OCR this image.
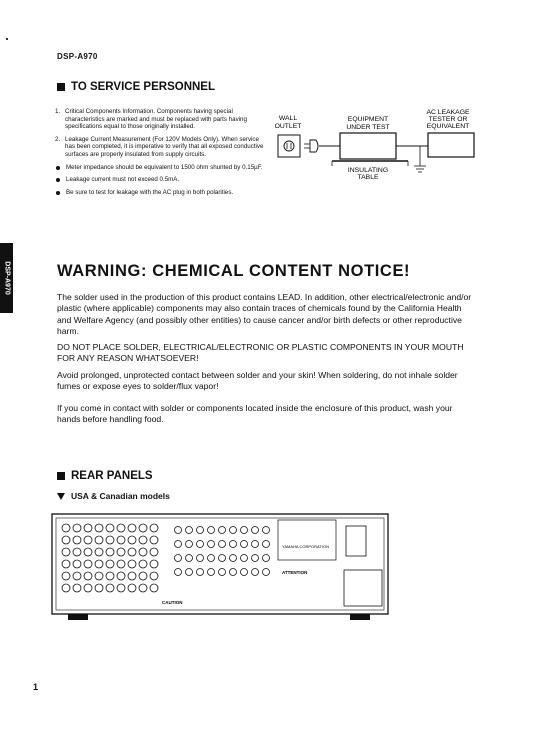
DSP-A970
DSP-A970
TO SERVICE PERSONNEL
1. Critical Components Information. Components having special characteristics are marked and must be replaced with parts having specifications equal to those originally installed.
2. Leakage Current Measurement (For 120V Models Only). When service has been completed, it is imperative to verify that all exposed conductive surfaces are properly insulated from supply circuits.
Meter impedance should be equivalent to 1500 ohm shunted by 0.15µF.
Leakage current must not exceed 0.5mA.
Be sure to test for leakage with the AC plug in both polarities.
WALL
OUTLET
EQUIPMENT
UNDER TEST
AC LEAKAGE
TESTER OR
EQUIVALENT
INSULATING
TABLE
WARNING: CHEMICAL CONTENT NOTICE!

The solder used in the production of this product contains LEAD. In addition, other electrical/electronic and/or plastic (where applicable) components may also contain traces of chemicals found by the California Health and Welfare Agency (and possibly other entities) to cause cancer and/or birth defects or other reproductive harm.

DO NOT PLACE SOLDER, ELECTRICAL/ELECTRONIC OR PLASTIC COMPONENTS IN YOUR MOUTH FOR ANY REASON WHATSOEVER!

Avoid prolonged, unprotected contact between solder and your skin! When soldering, do not inhale solder fumes or expose eyes to solder/flux vapor!

If you come in contact with solder or components located inside the enclosure of this product, wash your hands before handling food.

REAR PANELS
USA & Canadian models
YAMAHA CORPORATION
ATTENTION
CAUTION
1
